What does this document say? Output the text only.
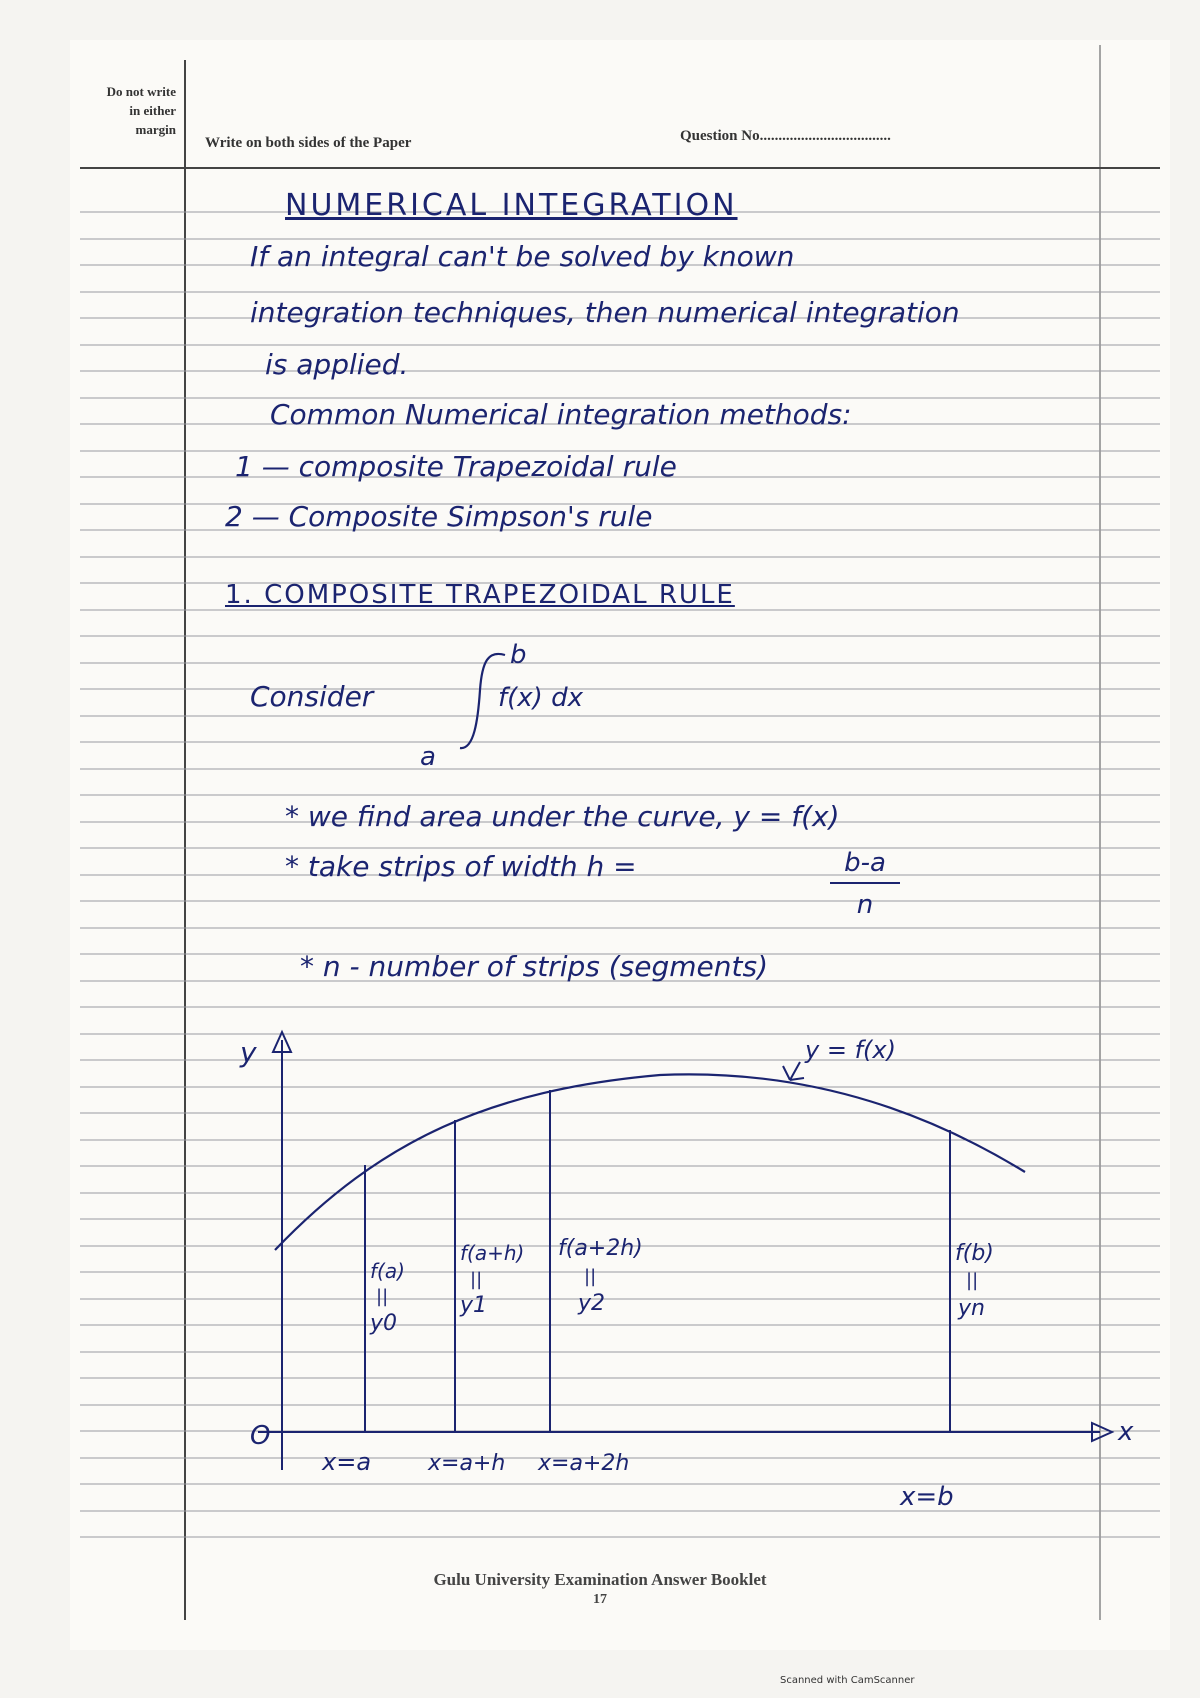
Do not write
in either
margin
Write on both sides of the Paper	Question No...................................
NUMERICAL INTEGRATION
If an integral can't be solved by known
integration techniques, then numerical integration
is applied.
Common Numerical integration methods:
1 — composite Trapezoidal rule
2 — Composite Simpson's rule
1. COMPOSITE TRAPEZOIDAL RULE
Consider
b
a
f(x) dx
* we find area under the curve, y = f(x)
* take strips of width h =	b-a
n
* n - number of strips (segments)
y
x
O
y = f(x)
f(a)
||
y0
x=a
f(a+h)
||
y1
x=a+h
f(a+2h)
||
y2
x=a+2h
f(b)
||
yn
x=b
Gulu University Examination Answer Booklet
17
Scanned with CamScanner
